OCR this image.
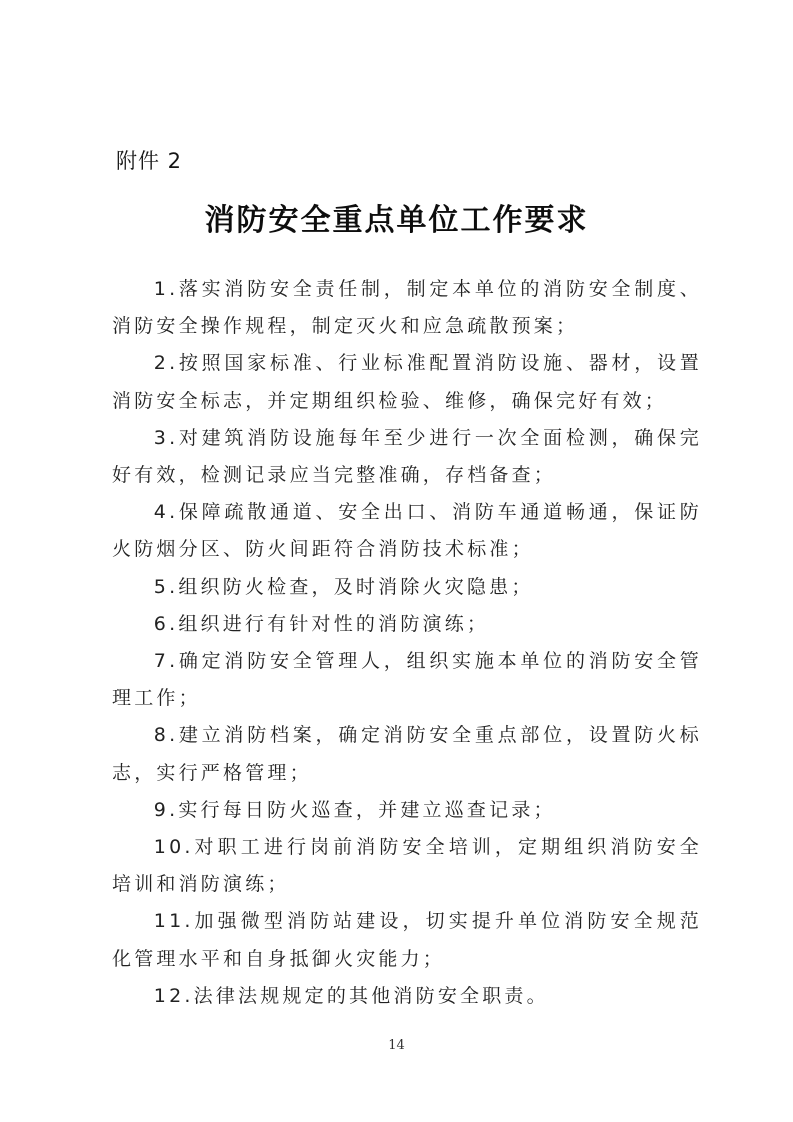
附件 2
消防安全重点单位工作要求

1.落实消防安全责任制，制定本单位的消防安全制度、消防安全操作规程，制定灭火和应急疏散预案；

2.按照国家标准、行业标准配置消防设施、器材，设置消防安全标志，并定期组织检验、维修，确保完好有效；

3.对建筑消防设施每年至少进行一次全面检测，确保完好有效，检测记录应当完整准确，存档备查；

4.保障疏散通道、安全出口、消防车通道畅通，保证防火防烟分区、防火间距符合消防技术标准；

5.组织防火检查，及时消除火灾隐患；

6.组织进行有针对性的消防演练；

7.确定消防安全管理人，组织实施本单位的消防安全管理工作；

8.建立消防档案，确定消防安全重点部位，设置防火标志，实行严格管理；

9.实行每日防火巡查，并建立巡查记录；

10.对职工进行岗前消防安全培训，定期组织消防安全培训和消防演练；

11.加强微型消防站建设，切实提升单位消防安全规范化管理水平和自身抵御火灾能力；

12.法律法规规定的其他消防安全职责。

14
